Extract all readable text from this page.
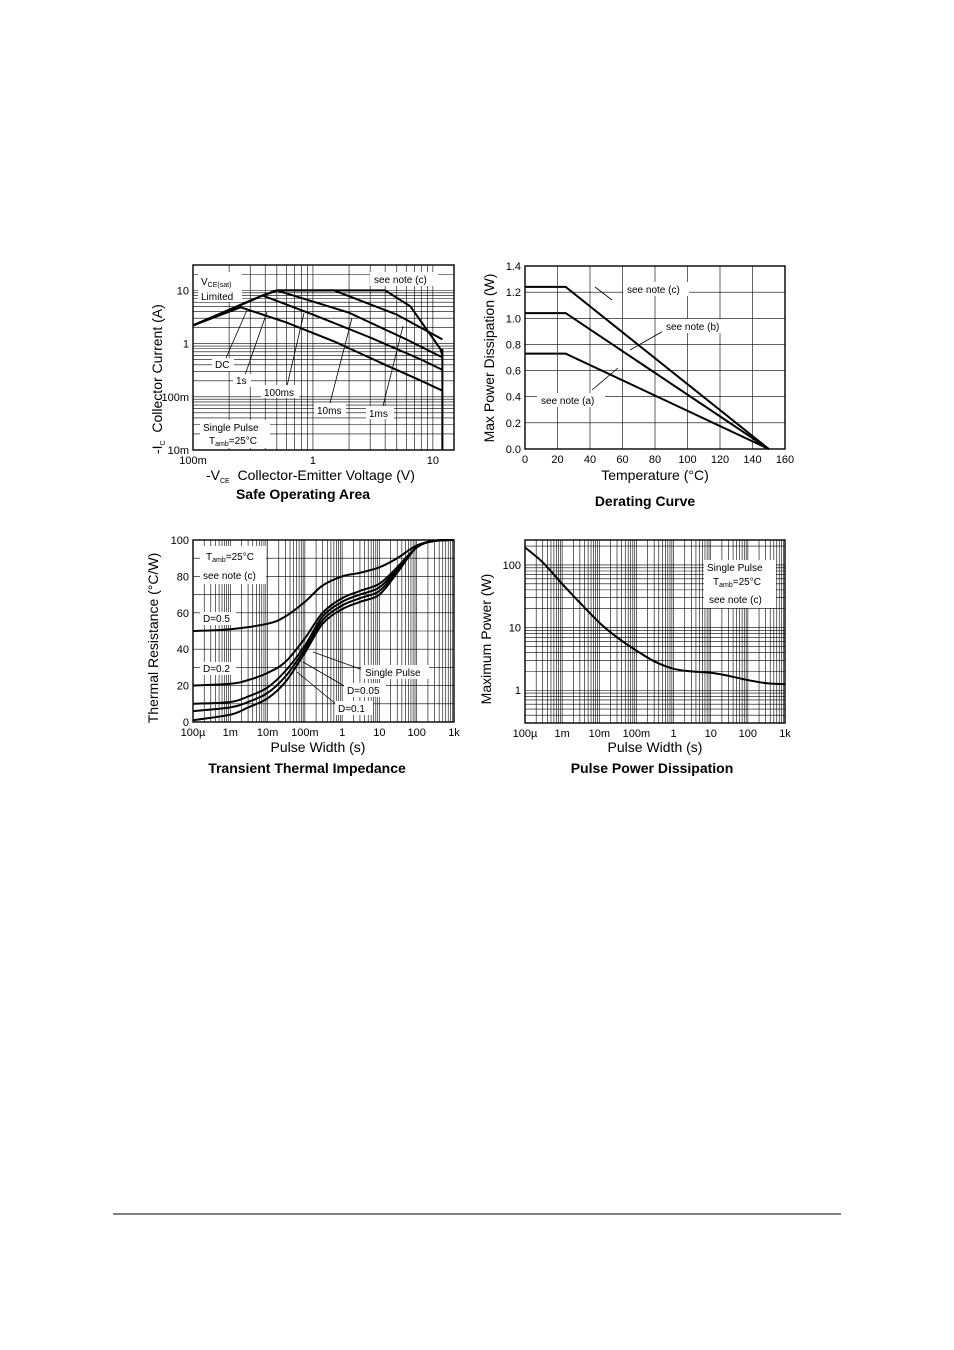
100m	1	10
10m
100m
1
10
$V_{CE(sat)}$
Limited
see note (c)
Single Pulse
$T_{amb}=25^\circ C$
DC
1s
100ms
10ms	1ms
$-V_{CE}$  Collector-Emitter Voltage (V)
$-I_C$  Collector Current (A)
Safe Operating Area
0 20 40 60 80 100 120 140 160
0.0
0.2
0.4
0.6
0.8
1.0
1.2
1.4
see note (c)
see note (b)
see note (a)
Temperature (°C)
Max Power Dissipation (W)
Derating Curve
100µ 1m 10m 100m 1	10 100 1k
0
20
40
60
80
100
$T_{amb}=25^\circ C$
see note (c)
D=0.5
D=0.2	Single Pulse
D=0.05
D=0.1
Pulse Width (s)
Thermal Resistance (°C/W)
Transient Thermal Impedance
100µ 1m 10m 100m 1	10 100 1k
1
10
100	Single Pulse
$T_{amb}=25^\circ C$
see note (c)
Pulse Width (s)
Maximum Power (W)
Pulse Power Dissipation
